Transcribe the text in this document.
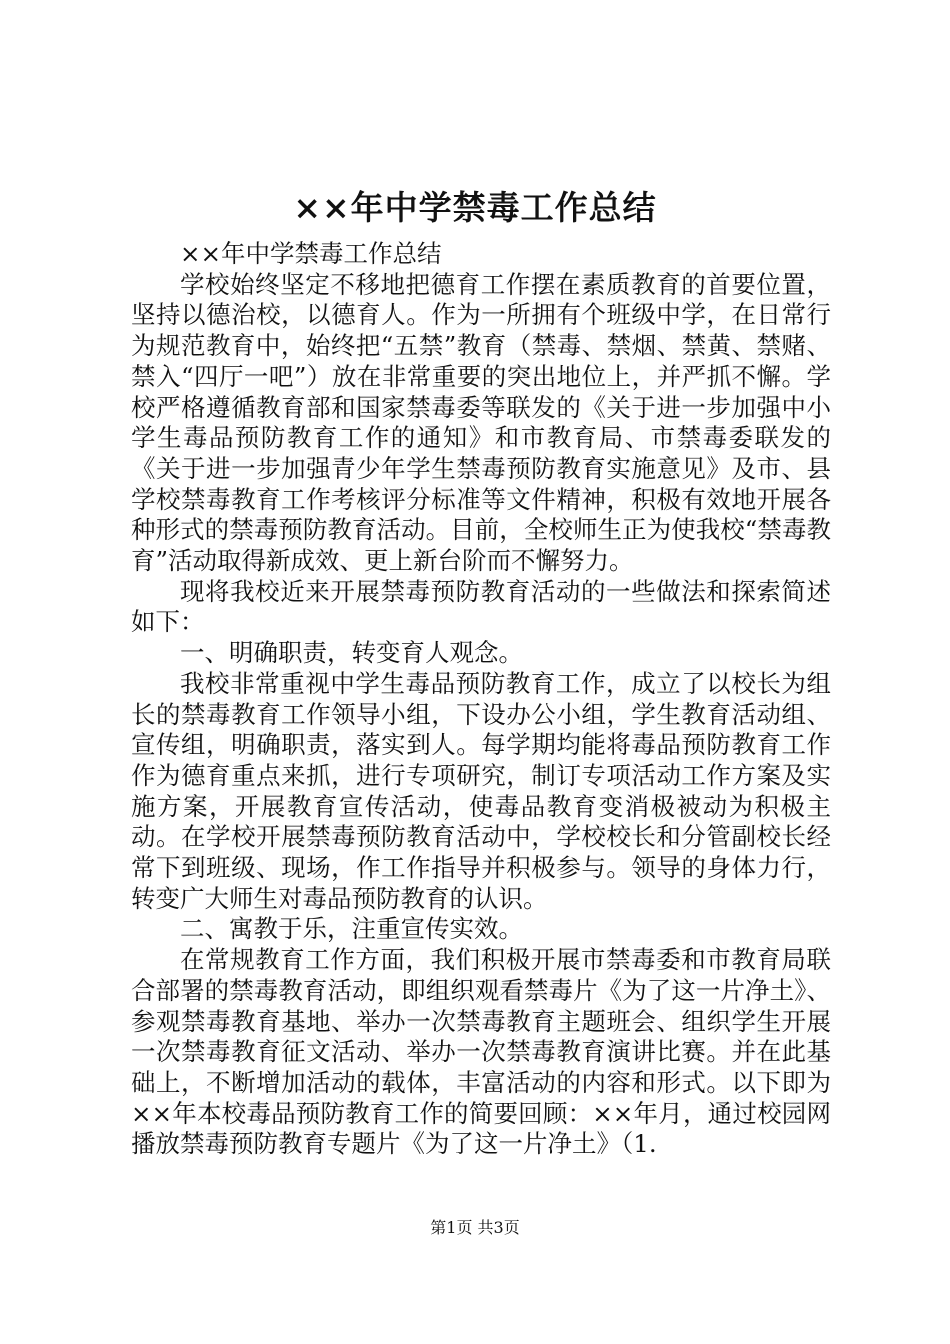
××年中学禁毒工作总结

××年中学禁毒工作总结

学校始终坚定不移地把德育工作摆在素质教育的首要位置，坚持以德治校，以德育人。作为一所拥有个班级中学，在日常行为规范教育中，始终把“五禁”教育（禁毒、禁烟、禁黄、禁赌、禁入“四厅一吧”）放在非常重要的突出地位上，并严抓不懈。学校严格遵循教育部和国家禁毒委等联发的《关于进一步加强中小学生毒品预防教育工作的通知》和市教育局、市禁毒委联发的《关于进一步加强青少年学生禁毒预防教育实施意见》及市、县学校禁毒教育工作考核评分标准等文件精神，积极有效地开展各种形式的禁毒预防教育活动。目前，全校师生正为使我校“禁毒教育”活动取得新成效、更上新台阶而不懈努力。

现将我校近来开展禁毒预防教育活动的一些做法和探索简述如下：

一、明确职责，转变育人观念。

我校非常重视中学生毒品预防教育工作，成立了以校长为组长的禁毒教育工作领导小组，下设办公小组，学生教育活动组、宣传组，明确职责，落实到人。每学期均能将毒品预防教育工作作为德育重点来抓，进行专项研究，制订专项活动工作方案及实施方案，开展教育宣传活动，使毒品教育变消极被动为积极主动。在学校开展禁毒预防教育活动中，学校校长和分管副校长经常下到班级、现场，作工作指导并积极参与。领导的身体力行，转变广大师生对毒品预防教育的认识。

二、寓教于乐，注重宣传实效。

在常规教育工作方面，我们积极开展市禁毒委和市教育局联合部署的禁毒教育活动，即组织观看禁毒片《为了这一片净土》、参观禁毒教育基地、举办一次禁毒教育主题班会、组织学生开展一次禁毒教育征文活动、举办一次禁毒教育演讲比赛。并在此基础上，不断增加活动的载体，丰富活动的内容和形式。以下即为××年本校毒品预防教育工作的简要回顾：××年月，通过校园网播放禁毒预防教育专题片《为了这一片净土》（1.

第1页 共3页
